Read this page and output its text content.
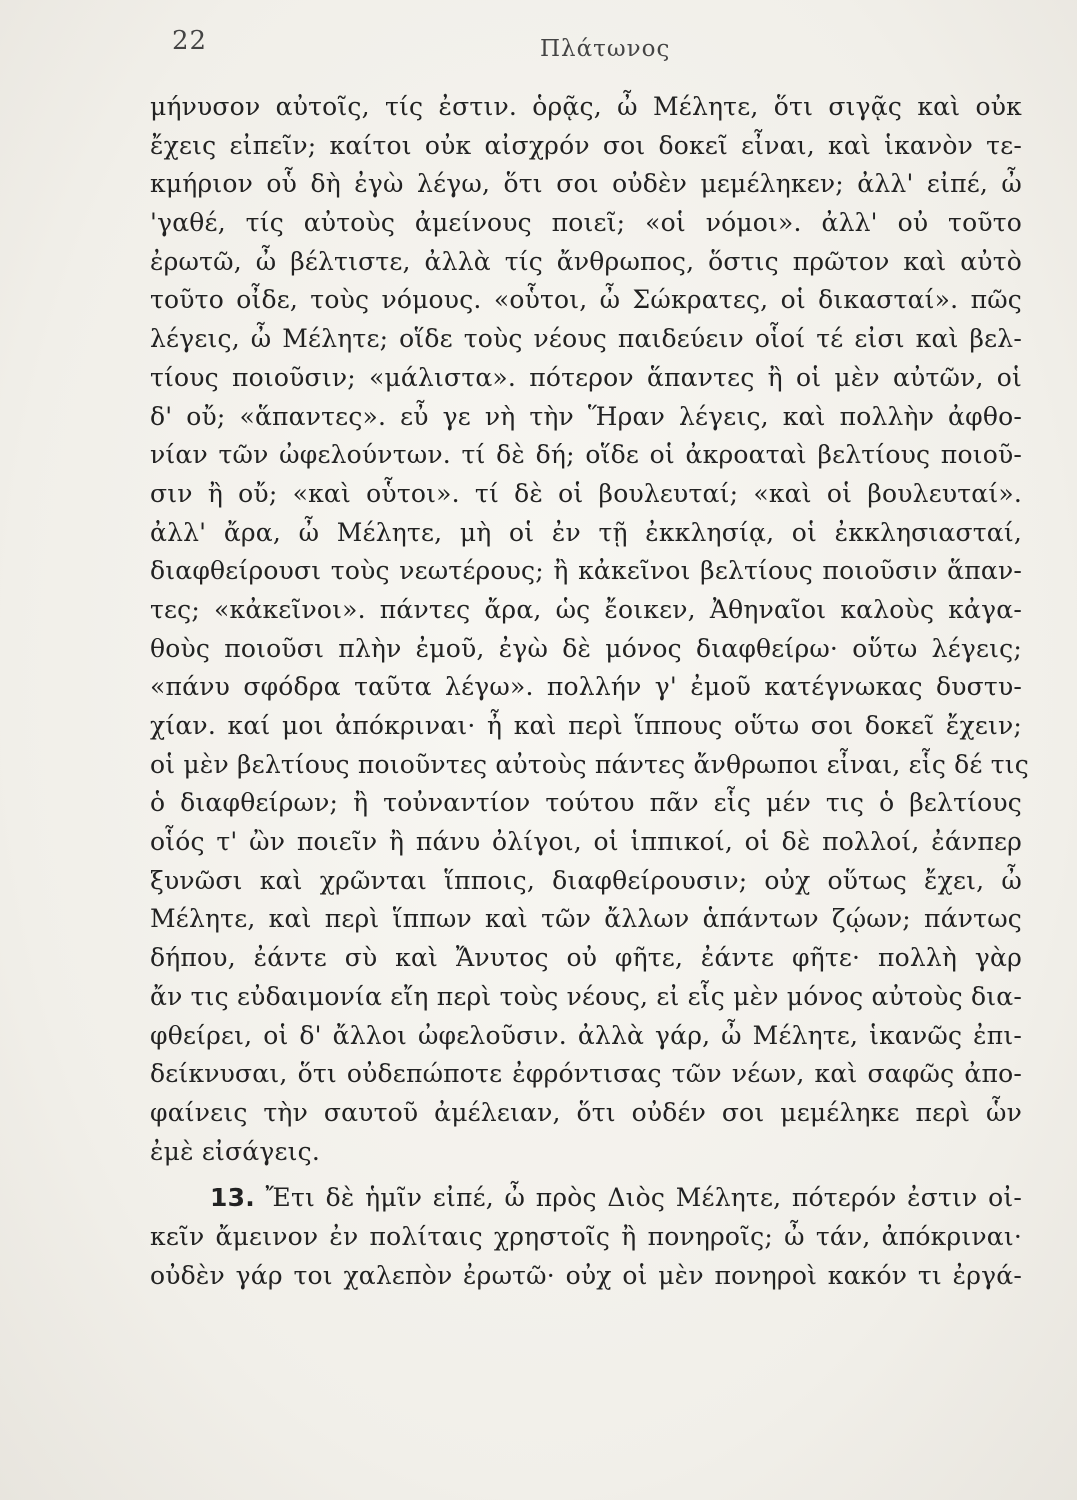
22	Πλάτωνος
μήνυσον αὐτοῖς, τίς ἐστιν. ὁρᾷς, ὦ Μέλητε, ὅτι σιγᾷς καὶ οὐκ
ἔχεις εἰπεῖν; καίτοι οὐκ αἰσχρόν σοι δοκεῖ εἶναι, καὶ ἱκανὸν τε-
κμήριον οὗ δὴ ἐγὼ λέγω, ὅτι σοι οὐδὲν μεμέληκεν; ἀλλ' εἰπέ, ὦ
'γαθέ, τίς αὐτοὺς ἀμείνους ποιεῖ; «οἱ νόμοι». ἀλλ' οὐ τοῦτο
ἐρωτῶ, ὦ βέλτιστε, ἀλλὰ τίς ἄνθρωπος, ὅστις πρῶτον καὶ αὐτὸ
τοῦτο οἶδε, τοὺς νόμους. «οὗτοι, ὦ Σώκρατες, οἱ δικασταί». πῶς
λέγεις, ὦ Μέλητε; οἵδε τοὺς νέους παιδεύειν οἷοί τέ εἰσι καὶ βελ-
τίους ποιοῦσιν; «μάλιστα». πότερον ἅπαντες ἢ οἱ μὲν αὐτῶν, οἱ
δ' οὔ; «ἅπαντες». εὖ γε νὴ τὴν Ἥραν λέγεις, καὶ πολλὴν ἀφθο-
νίαν τῶν ὠφελούντων. τί δὲ δή; οἵδε οἱ ἀκροαταὶ βελτίους ποιοῦ-
σιν ἢ οὔ; «καὶ οὗτοι». τί δὲ οἱ βουλευταί; «καὶ οἱ βουλευταί».
ἀλλ' ἄρα, ὦ Μέλητε, μὴ οἱ ἐν τῇ ἐκκλησίᾳ, οἱ ἐκκλησιασταί,
διαφθείρουσι τοὺς νεωτέρους; ἢ κἀκεῖνοι βελτίους ποιοῦσιν ἅπαν-
τες; «κἀκεῖνοι». πάντες ἄρα, ὡς ἔοικεν, Ἀθηναῖοι καλοὺς κἀγα-
θοὺς ποιοῦσι πλὴν ἐμοῦ, ἐγὼ δὲ μόνος διαφθείρω· οὕτω λέγεις;
«πάνυ σφόδρα ταῦτα λέγω». πολλήν γ' ἐμοῦ κατέγνωκας δυστυ-
χίαν. καί μοι ἀπόκριναι· ἦ καὶ περὶ ἵππους οὕτω σοι δοκεῖ ἔχειν;
οἱ μὲν βελτίους ποιοῦντες αὐτοὺς πάντες ἄνθρωποι εἶναι, εἷς δέ τις
ὁ διαφθείρων; ἢ τοὐναντίον τούτου πᾶν εἷς μέν τις ὁ βελτίους
οἷός τ' ὢν ποιεῖν ἢ πάνυ ὀλίγοι, οἱ ἱππικοί, οἱ δὲ πολλοί, ἐάνπερ
ξυνῶσι καὶ χρῶνται ἵπποις, διαφθείρουσιν; οὐχ οὕτως ἔχει, ὦ
Μέλητε, καὶ περὶ ἵππων καὶ τῶν ἄλλων ἁπάντων ζῴων; πάντως
δήπου, ἐάντε σὺ καὶ Ἄνυτος οὐ φῆτε, ἐάντε φῆτε· πολλὴ γὰρ
ἄν τις εὐδαιμονία εἴη περὶ τοὺς νέους, εἰ εἷς μὲν μόνος αὐτοὺς δια-
φθείρει, οἱ δ' ἄλλοι ὠφελοῦσιν. ἀλλὰ γάρ, ὦ Μέλητε, ἱκανῶς ἐπι-
δείκνυσαι, ὅτι οὐδεπώποτε ἐφρόντισας τῶν νέων, καὶ σαφῶς ἀπο-
φαίνεις τὴν σαυτοῦ ἀμέλειαν, ὅτι οὐδέν σοι μεμέληκε περὶ ὧν
ἐμὲ εἰσάγεις.
13. Ἔτι δὲ ἡμῖν εἰπέ, ὦ πρὸς Διὸς Μέλητε, πότερόν ἐστιν οἰ-
κεῖν ἄμεινον ἐν πολίταις χρηστοῖς ἢ πονηροῖς; ὦ τάν, ἀπόκριναι·
οὐδὲν γάρ τοι χαλεπὸν ἐρωτῶ· οὐχ οἱ μὲν πονηροὶ κακόν τι ἐργά-
